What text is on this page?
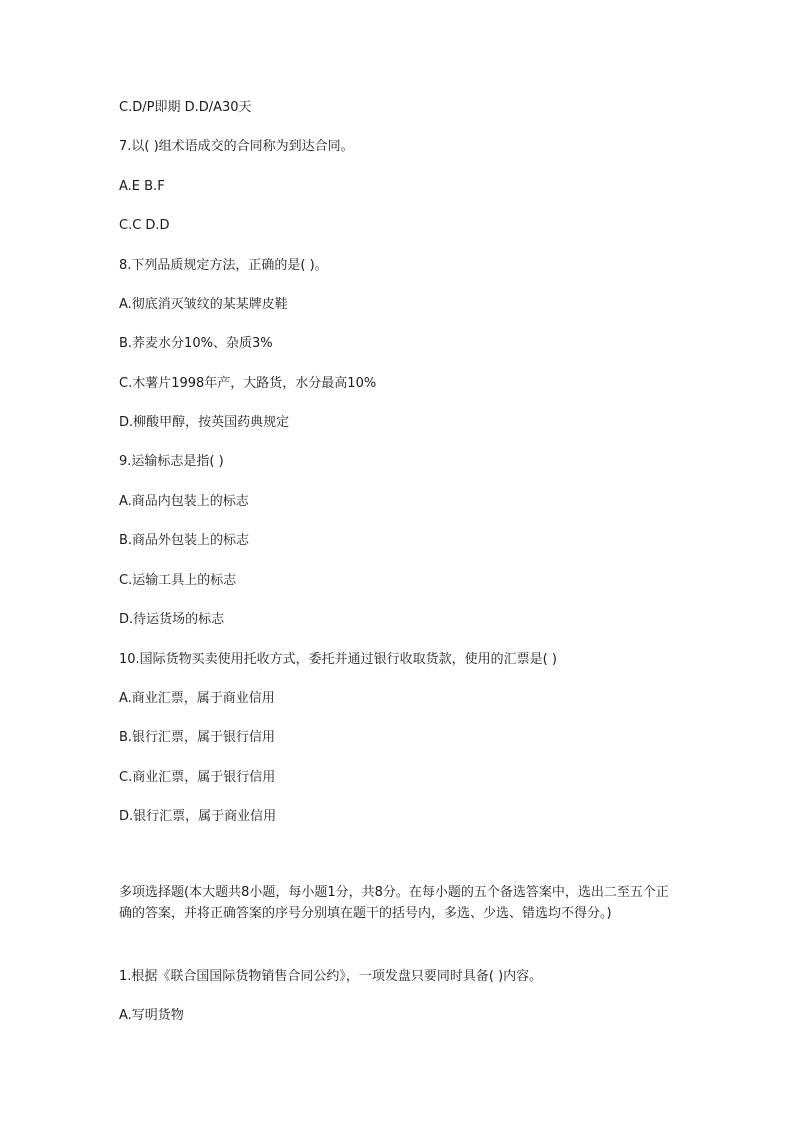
C.D/P即期 D.D/A30天
7.以( )组术语成交的合同称为到达合同。
A.E B.F
C.C D.D
8.下列品质规定方法，正确的是( )。
A.彻底消灭皱纹的某某牌皮鞋
B.荞麦水分10%、杂质3%
C.木薯片1998年产，大路货，水分最高10%
D.柳酸甲醇，按英国药典规定
9.运输标志是指( )
A.商品内包装上的标志
B.商品外包装上的标志
C.运输工具上的标志
D.待运货场的标志
10.国际货物买卖使用托收方式，委托并通过银行收取货款，使用的汇票是( )
A.商业汇票，属于商业信用
B.银行汇票，属于银行信用
C.商业汇票，属于银行信用
D.银行汇票，属于商业信用
多项选择题(本大题共8小题，每小题1分，共8分。在每小题的五个备选答案中，选出二至五个正确的答案，并将正确答案的序号分别填在题干的括号内，多选、少选、错选均不得分。)
1.根据《联合国国际货物销售合同公约》，一项发盘只要同时具备( )内容。
A.写明货物
